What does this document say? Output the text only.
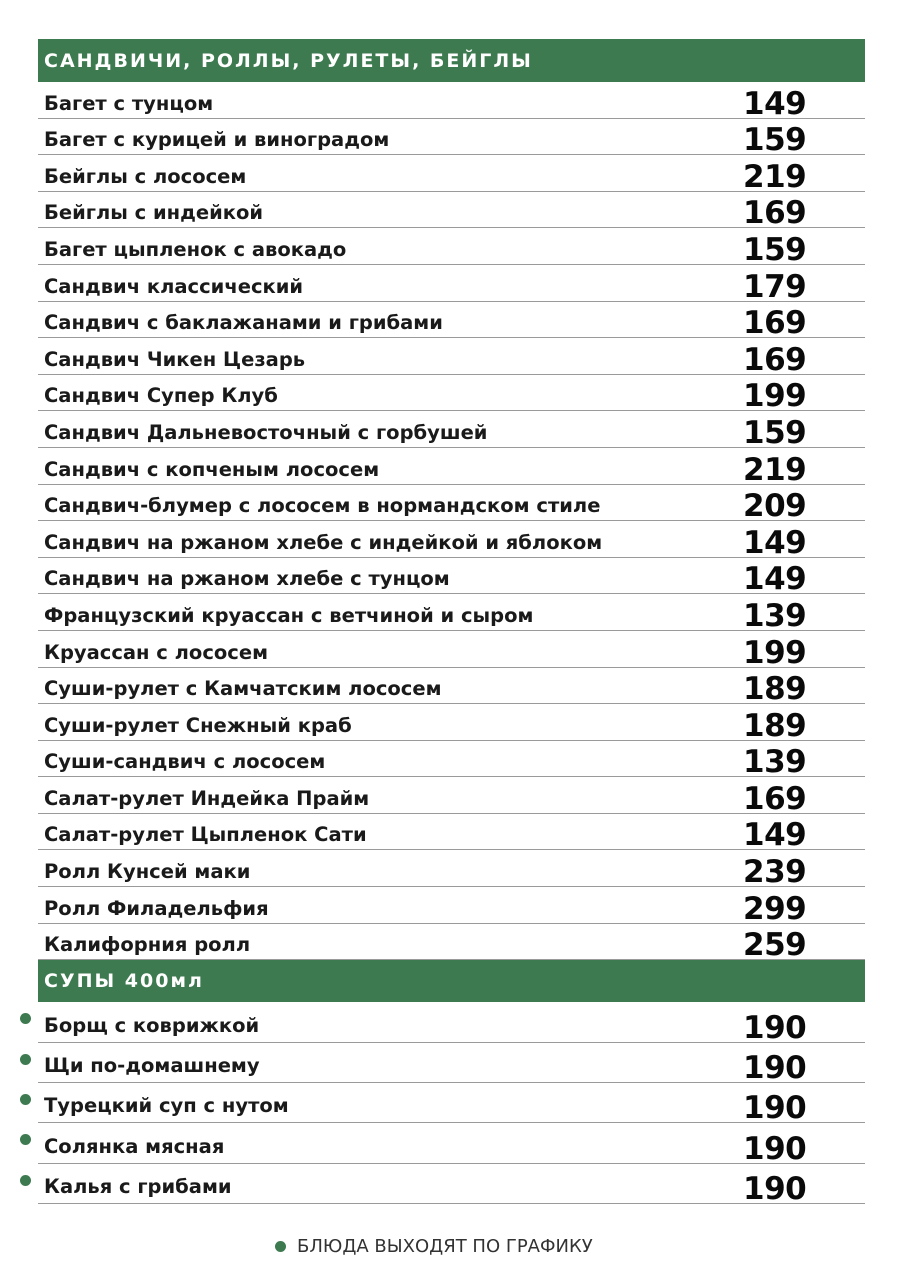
САНДВИЧИ, РОЛЛЫ, РУЛЕТЫ, БЕЙГЛЫ
Багет с тунцом	149
Багет с курицей и виноградом	159
Бейглы с лососем	219
Бейглы с индейкой	169
Багет цыпленок с авокадо	159
Сандвич классический	179
Сандвич с баклажанами и грибами	169
Сандвич Чикен Цезарь	169
Сандвич Супер Клуб	199
Сандвич Дальневосточный с горбушей	159
Сандвич с копченым лососем	219
Сандвич-блумер с лососем в нормандском стиле	209
Сандвич на ржаном хлебе с индейкой и яблоком	149
Сандвич на ржаном хлебе с тунцом	149
Французский круассан с ветчиной и сыром	139
Круассан с лососем	199
Суши-рулет с Камчатским лососем	189
Суши-рулет Снежный краб	189
Суши-сандвич с лососем	139
Салат-рулет Индейка Прайм	169
Салат-рулет Цыпленок Сати	149
Ролл Кунсей маки	239
Ролл Филадельфия	299
Калифорния ролл	259
СУПЫ 400мл
Борщ с коврижкой	190
Щи по-домашнему	190
Турецкий суп с нутом	190
Солянка мясная	190
Калья с грибами	190
БЛЮДА ВЫХОДЯТ ПО ГРАФИКУ
